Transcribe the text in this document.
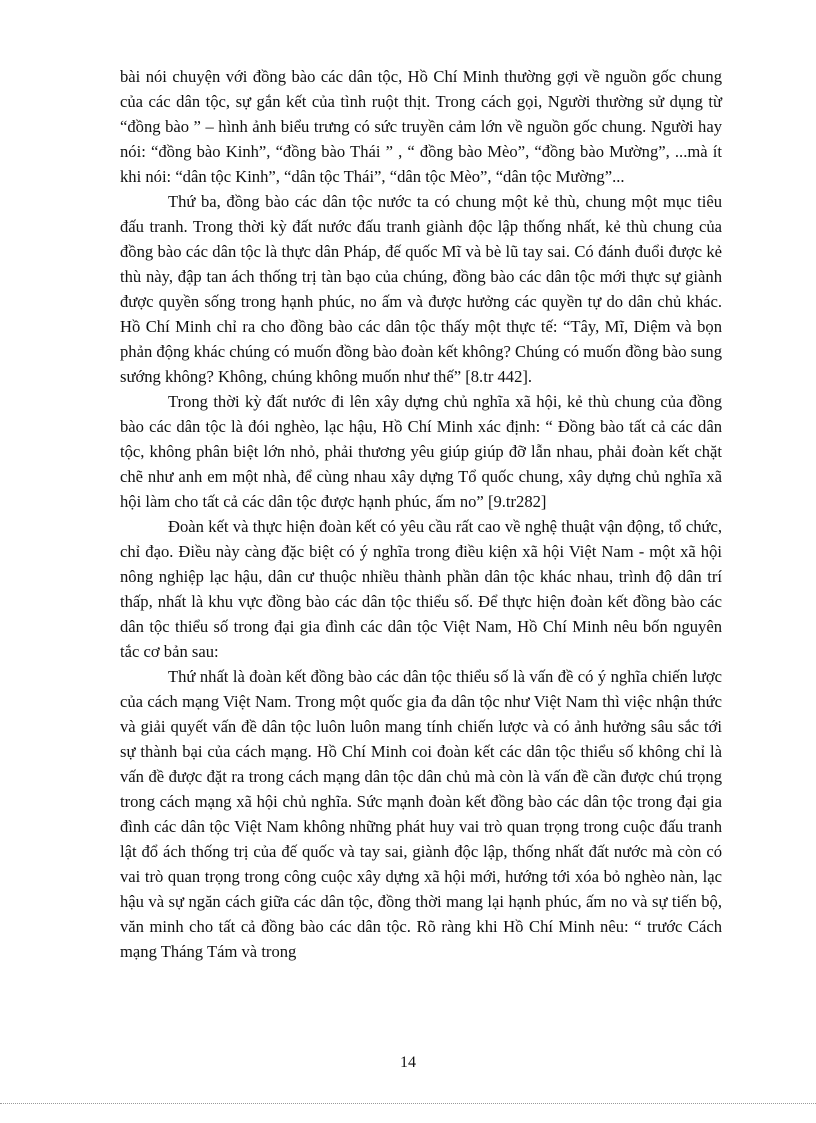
bài nói chuyện với đồng bào các dân tộc, Hồ Chí Minh thường gợi về nguồn gốc chung của các dân tộc, sự gắn kết của tình ruột thịt. Trong cách gọi, Người thường sử dụng từ “đồng bào ” – hình ảnh biểu trưng có sức truyền cảm lớn về nguồn gốc chung. Người hay nói: “đồng bào Kinh”, “đồng bào Thái ” , “ đồng bào Mèo”, “đồng bào Mường”, ...mà ít khi nói: “dân tộc Kinh”, “dân tộc Thái”, “dân tộc Mèo”, “dân tộc Mường”...

Thứ ba, đồng bào các dân tộc nước ta có chung một kẻ thù, chung một mục tiêu đấu tranh. Trong thời kỳ đất nước đấu tranh giành độc lập thống nhất, kẻ thù chung của đồng bào các dân tộc là thực dân Pháp, đế quốc Mĩ và bè lũ tay sai. Có đánh đuổi được kẻ thù này, đập tan ách thống trị tàn bạo của chúng, đồng bào các dân tộc mới thực sự giành được quyền sống trong hạnh phúc, no ấm và được hưởng các quyền tự do dân chủ khác. Hồ Chí Minh chỉ ra cho đồng bào các dân tộc thấy một thực tế: “Tây, Mĩ, Diệm và bọn phản động khác chúng có muốn đồng bào đoàn kết không? Chúng có muốn đồng bào sung sướng không? Không, chúng không muốn như thế” [8.tr 442].

Trong thời kỳ đất nước đi lên xây dựng chủ nghĩa xã hội, kẻ thù chung của đồng bào các dân tộc là đói nghèo, lạc hậu, Hồ Chí Minh xác định: “ Đồng bào tất cả các dân tộc, không phân biệt lớn nhỏ, phải thương yêu giúp giúp đỡ lẫn nhau, phải đoàn kết chặt chẽ như anh em một nhà, để cùng nhau xây dựng Tổ quốc chung, xây dựng chủ nghĩa xã hội làm cho tất cả các dân tộc được hạnh phúc, ấm no” [9.tr282]

Đoàn kết và thực hiện đoàn kết có yêu cầu rất cao về nghệ thuật vận động, tổ chức, chỉ đạo. Điều này càng đặc biệt có ý nghĩa trong điều kiện xã hội Việt Nam - một xã hội nông nghiệp lạc hậu, dân cư thuộc nhiều thành phần dân tộc khác nhau, trình độ dân trí thấp, nhất là khu vực đồng bào các dân tộc thiểu số. Để thực hiện đoàn kết đồng bào các dân tộc thiểu số trong đại gia đình các dân tộc Việt Nam, Hồ Chí Minh nêu bốn nguyên tắc cơ bản sau:

Thứ nhất là đoàn kết đồng bào các dân tộc thiểu số là vấn đề có ý nghĩa chiến lược của cách mạng Việt Nam. Trong một quốc gia đa dân tộc như Việt Nam thì việc nhận thức và giải quyết vấn đề dân tộc luôn luôn mang tính chiến lược và có ảnh hưởng sâu sắc tới sự thành bại của cách mạng. Hồ Chí Minh coi đoàn kết các dân tộc thiểu số không chỉ là vấn đề được đặt ra trong cách mạng dân tộc dân chủ mà còn là vấn đề cần được chú trọng trong cách mạng xã hội chủ nghĩa. Sức mạnh đoàn kết đồng bào các dân tộc trong đại gia đình các dân tộc Việt Nam không những phát huy vai trò quan trọng trong cuộc đấu tranh lật đổ ách thống trị của đế quốc và tay sai, giành độc lập, thống nhất đất nước mà còn có vai trò quan trọng trong công cuộc xây dựng xã hội mới, hướng tới xóa bỏ nghèo nàn, lạc hậu và sự ngăn cách giữa các dân tộc, đồng thời mang lại hạnh phúc, ấm no và sự tiến bộ, văn minh cho tất cả đồng bào các dân tộc. Rõ ràng khi Hồ Chí Minh nêu: “ trước Cách mạng Tháng Tám và trong

14
